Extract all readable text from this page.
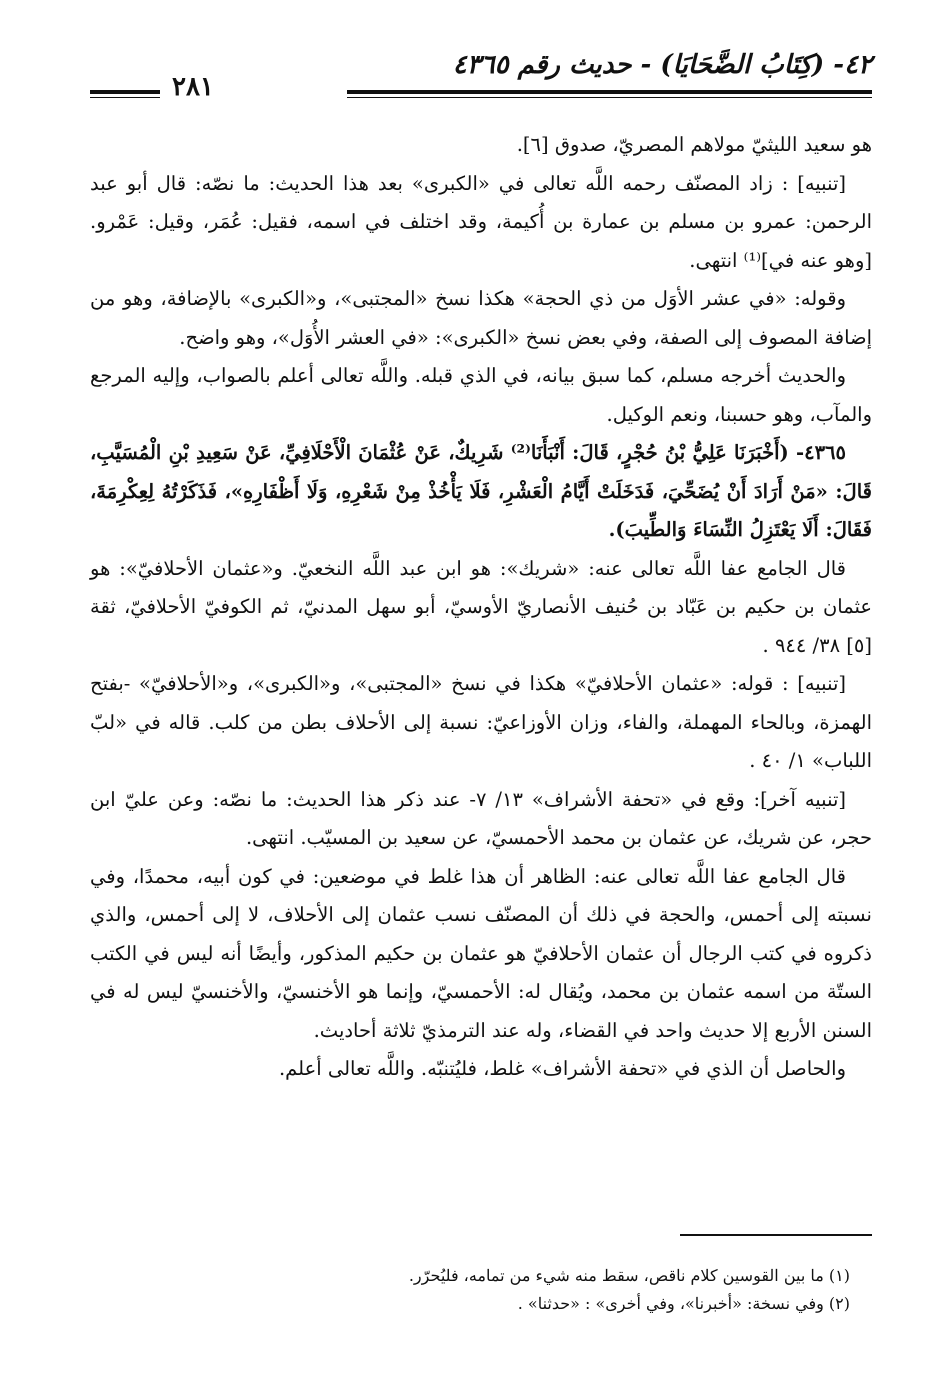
٤٢- (كِتَابُ الضَّحَايَا) - حديث رقم ٤٣٦٥
٢٨١

هو سعيد الليثيّ مولاهم المصريّ، صدوق [٦].

[تنبيه] : زاد المصنّف رحمه اللَّه تعالى في «الكبرى» بعد هذا الحديث: ما نصّه: قال أبو عبد الرحمن: عمرو بن مسلم بن عمارة بن أُكيمة، وقد اختلف في اسمه، فقيل: عُمَر، وقيل: عَمْرو. [وهو عنه في]⁽¹⁾ انتهى.

وقوله: «في عشر الأوَل من ذي الحجة» هكذا نسخ «المجتبى»، و«الكبرى» بالإضافة، وهو من إضافة المصوف إلى الصفة، وفي بعض نسخ «الكبرى»: «في العشر الأُوَل»، وهو واضح.

والحديث أخرجه مسلم، كما سبق بيانه، في الذي قبله. واللَّه تعالى أعلم بالصواب، وإليه المرجع والمآب، وهو حسبنا، ونعم الوكيل.

٤٣٦٥- (أَخْبَرَنَا عَلِيُّ بْنُ حُجْرٍ، قَالَ: أَنْبَأَنَا⁽²⁾ شَرِيكٌ، عَنْ عُثْمَانَ الْأَحْلَافِيِّ، عَنْ سَعِيدِ بْنِ الْمُسَيَّبِ، قَالَ: «مَنْ أَرَادَ أَنْ يُضَحِّيَ، فَدَخَلَتْ أَيَّامُ الْعَشْرِ، فَلَا يَأْخُذْ مِنْ شَعْرِهِ، وَلَا أَظْفَارِهِ»، فَذَكَرْتُهُ لِعِكْرِمَةَ، فَقَالَ: أَلَا يَعْتَزِلُ النِّسَاءَ وَالطِّيبَ).

قال الجامع عفا اللَّه تعالى عنه: «شريك»: هو ابن عبد اللَّه النخعيّ. و«عثمان الأحلافيّ»: هو عثمان بن حكيم بن عَبّاد بن حُنيف الأنصاريّ الأوسيّ، أبو سهل المدنيّ، ثم الكوفيّ الأحلافيّ، ثقة [٥] ٣٨/ ٩٤٤ .

[تنبيه] : قوله: «عثمان الأحلافيّ» هكذا في نسخ «المجتبى»، و«الكبرى»، و«الأحلافيّ» -بفتح الهمزة، وبالحاء المهملة، والفاء، وزان الأوزاعيّ: نسبة إلى الأحلاف بطن من كلب. قاله في «لبّ اللباب» ١/ ٤٠ .

[تنبيه آخر]: وقع في «تحفة الأشراف» ١٣/ ٧- عند ذكر هذا الحديث: ما نصّه: وعن عليّ ابن حجر، عن شريك، عن عثمان بن محمد الأحمسيّ، عن سعيد بن المسيّب. انتهى.

قال الجامع عفا اللَّه تعالى عنه: الظاهر أن هذا غلط في موضعين: في كون أبيه، محمدًا، وفي نسبته إلى أحمس، والحجة في ذلك أن المصنّف نسب عثمان إلى الأحلاف، لا إلى أحمس، والذي ذكروه في كتب الرجال أن عثمان الأحلافيّ هو عثمان بن حكيم المذكور، وأيضًا أنه ليس في الكتب الستّة من اسمه عثمان بن محمد، ويُقال له: الأحمسيّ، وإنما هو الأخنسيّ، والأخنسيّ ليس له في السنن الأربع إلا حديث واحد في القضاء، وله عند الترمذيّ ثلاثة أحاديث.

والحاصل أن الذي في «تحفة الأشراف» غلط، فليُتنبّه. واللَّه تعالى أعلم.

(١) ما بين القوسين كلام ناقص، سقط منه شيء من تمامه، فليُحرّر.

(٢) وفي نسخة: «أخبرنا»، وفي أخرى» : «حدثنا» .
